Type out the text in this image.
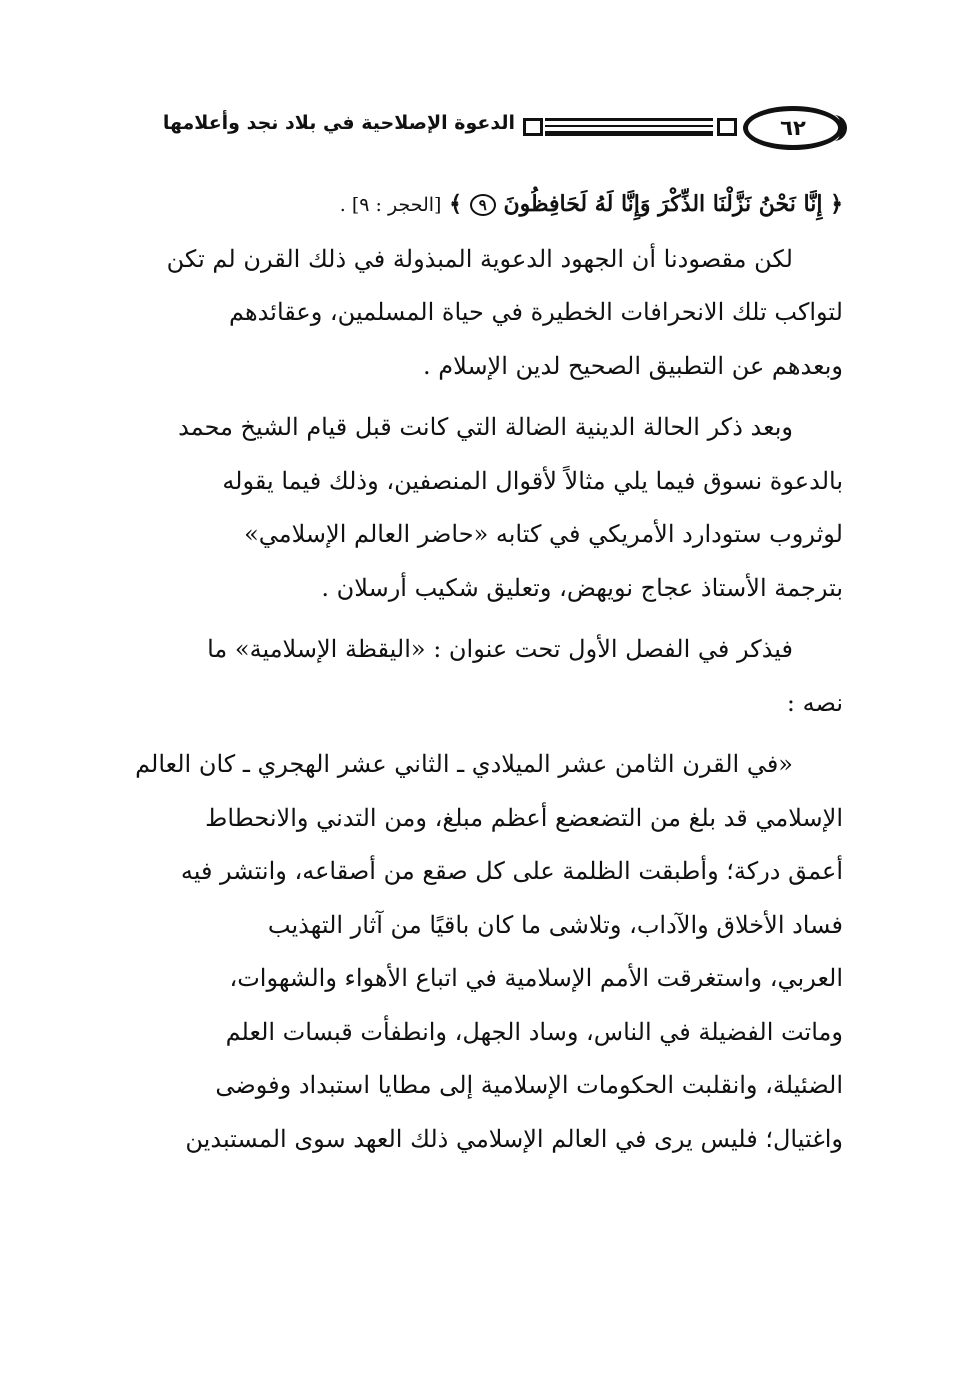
٦٢
الدعوة الإصلاحية في بلاد نجد وأعلامها
﴿ إِنَّا نَحْنُ نَزَّلْنَا الذِّكْرَ وَإِنَّا لَهُ لَحَافِظُونَ ٩ ﴾ [الحجر : ٩] .
لكن مقصودنا أن الجهود الدعوية المبذولة في ذلك القرن لم تكن
لتواكب تلك الانحرافات الخطيرة في حياة المسلمين، وعقائدهم
وبعدهم عن التطبيق الصحيح لدين الإسلام .
وبعد ذكر الحالة الدينية الضالة التي كانت قبل قيام الشيخ محمد
بالدعوة نسوق فيما يلي مثالاً لأقوال المنصفين، وذلك فيما يقوله
لوثروب ستودارد الأمريكي في كتابه «حاضر العالم الإسلامي»
بترجمة الأستاذ عجاج نويهض، وتعليق شكيب أرسلان .
فيذكر في الفصل الأول تحت عنوان : «اليقظة الإسلامية» ما
نصه :
«في القرن الثامن عشر الميلادي ـ الثاني عشر الهجري ـ كان العالم
الإسلامي قد بلغ من التضعضع أعظم مبلغ، ومن التدني والانحطاط
أعمق دركة؛ وأطبقت الظلمة على كل صقع من أصقاعه، وانتشر فيه
فساد الأخلاق والآداب، وتلاشى ما كان باقيًا من آثار التهذيب
العربي، واستغرقت الأمم الإسلامية في اتباع الأهواء والشهوات،
وماتت الفضيلة في الناس، وساد الجهل، وانطفأت قبسات العلم
الضئيلة، وانقلبت الحكومات الإسلامية إلى مطايا استبداد وفوضى
واغتيال؛ فليس يرى في العالم الإسلامي ذلك العهد سوى المستبدين
